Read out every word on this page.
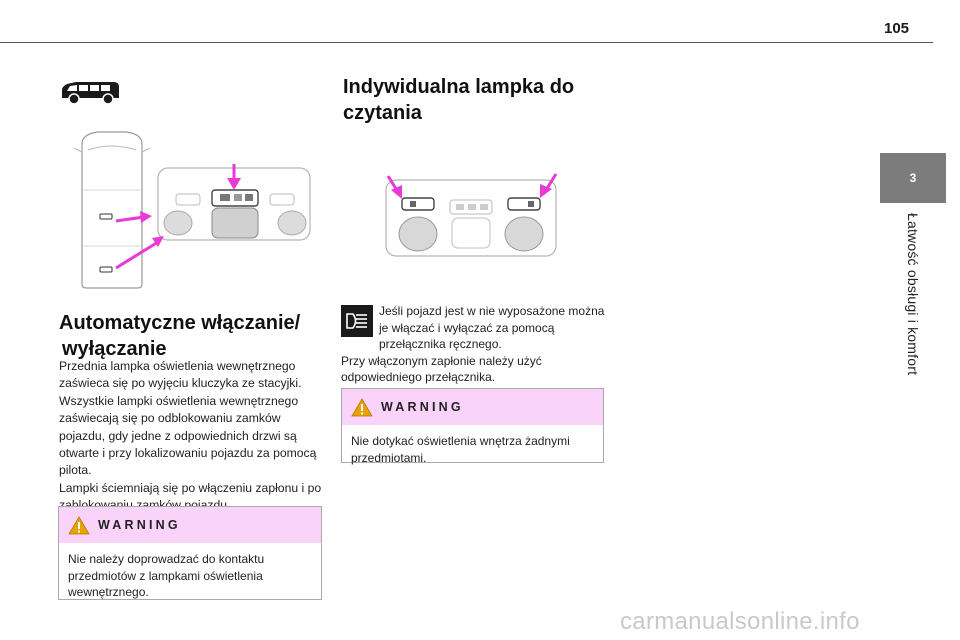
105
3
Łatwość obsługi i komfort
Automatyczne włączanie/
wyłączanie

Przednia lampka oświetlenia wewnętrznego zaświeca się po wyjęciu kluczyka ze stacyjki.

Wszystkie lampki oświetlenia wewnętrznego zaświecają się po odblokowaniu zamków pojazdu, gdy jedne z odpowiednich drzwi są otwarte i przy lokalizowaniu pojazdu za pomocą pilota.

Lampki ściemniają się po włączeniu zapłonu i po

WARNING
Nie należy doprowadzać do kontaktu przedmiotów z lampkami oświetlenia wewnętrznego.
Indywidualna lampka do
czytania
Jeśli pojazd jest w nie wyposażone można je włączać i wyłączać za pomocą przełącznika ręcznego.
Przy włączonym zapłonie należy użyć odpowiedniego przełącznika.
WARNING
Nie dotykać oświetlenia wnętrza żadnymi przedmiotami.
carmanualsonline.info
